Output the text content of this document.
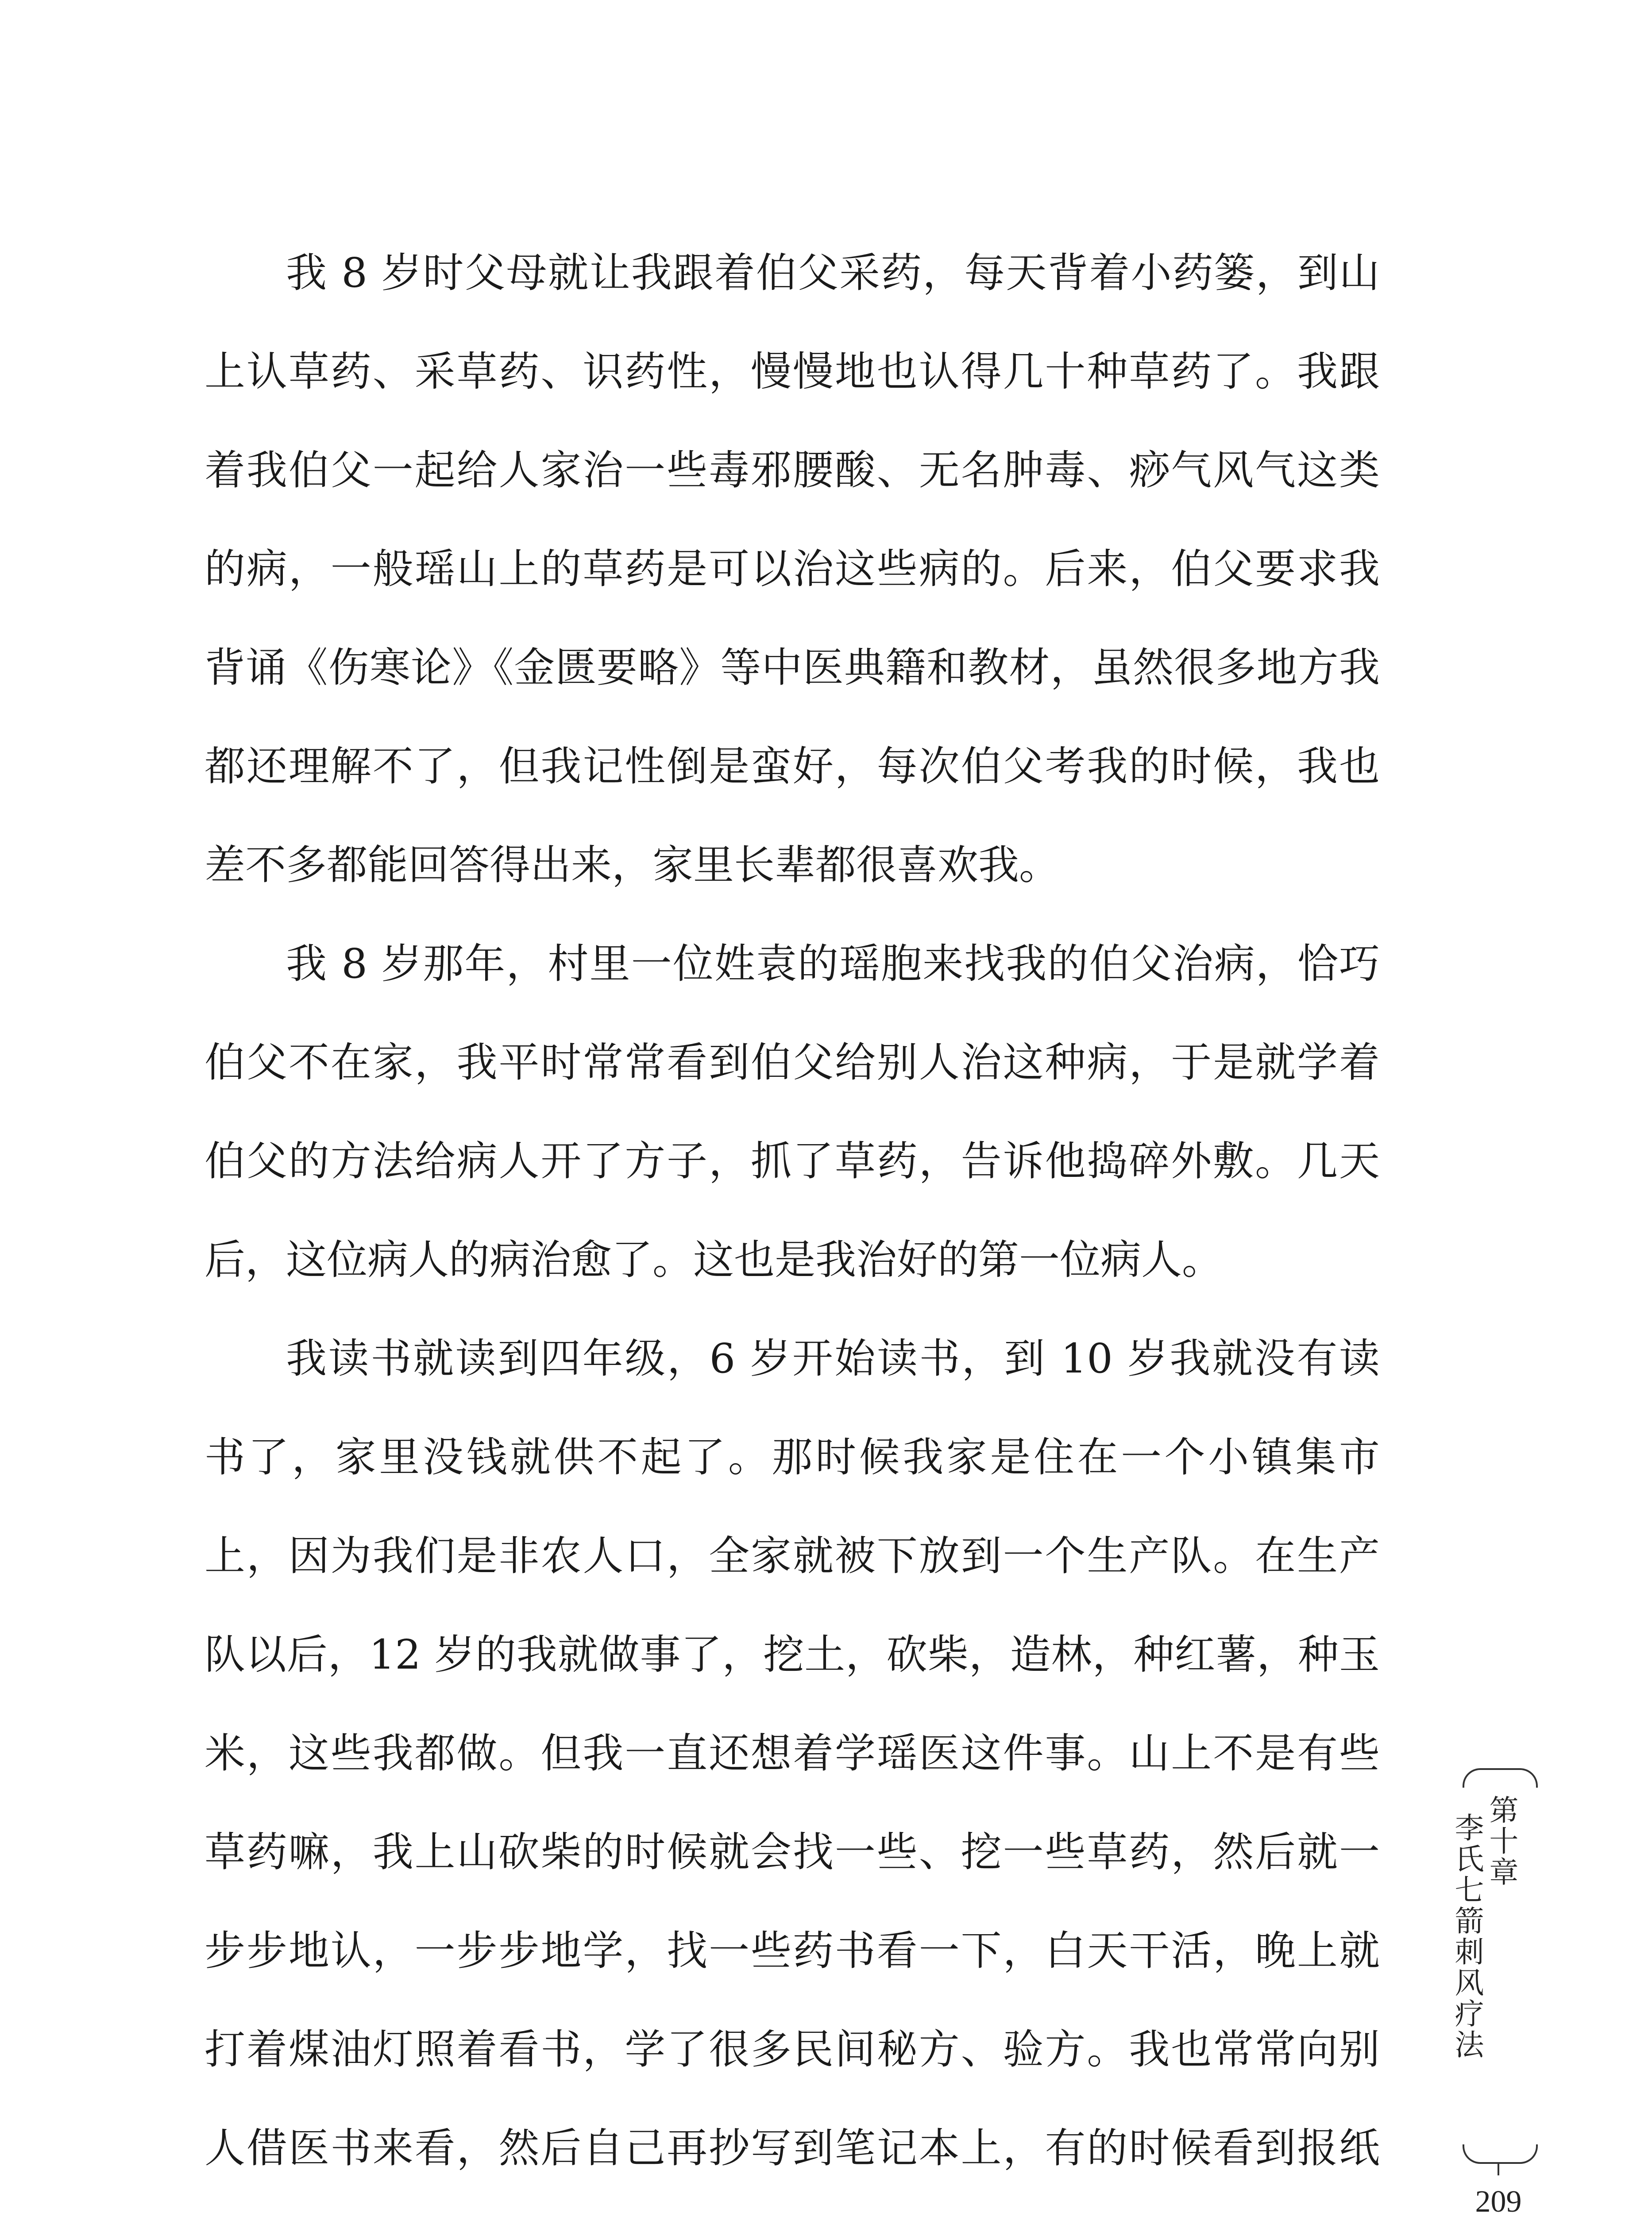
我 8 岁时父母就让我跟着伯父采药，每天背着小药篓，到山上认草药、采草药、识药性，慢慢地也认得几十种草药了。我跟着我伯父一起给人家治一些毒邪腰酸、无名肿毒、痧气风气这类的病，一般瑶山上的草药是可以治这些病的。后来，伯父要求我背诵《伤寒论》《金匮要略》等中医典籍和教材，虽然很多地方我都还理解不了，但我记性倒是蛮好，每次伯父考我的时候，我也差不多都能回答得出来，家里长辈都很喜欢我。

我 8 岁那年，村里一位姓袁的瑶胞来找我的伯父治病，恰巧伯父不在家，我平时常常看到伯父给别人治这种病，于是就学着伯父的方法给病人开了方子，抓了草药，告诉他捣碎外敷。几天后，这位病人的病治愈了。这也是我治好的第一位病人。

我读书就读到四年级，6 岁开始读书，到 10 岁我就没有读书了，家里没钱就供不起了。那时候我家是住在一个小镇集市上，因为我们是非农人口，全家就被下放到一个生产队。在生产队以后，12 岁的我就做事了，挖土，砍柴，造林，种红薯，种玉米，这些我都做。但我一直还想着学瑶医这件事。山上不是有些草药嘛，我上山砍柴的时候就会找一些、挖一些草药，然后就一步步地认，一步步地学，找一些药书看一下，白天干活，晚上就打着煤油灯照着看书，学了很多民间秘方、验方。我也常常向别人借医书来看，然后自己再抄写到笔记本上，有的时候看到报纸

第十章 李氏七箭刺风疗法
209
